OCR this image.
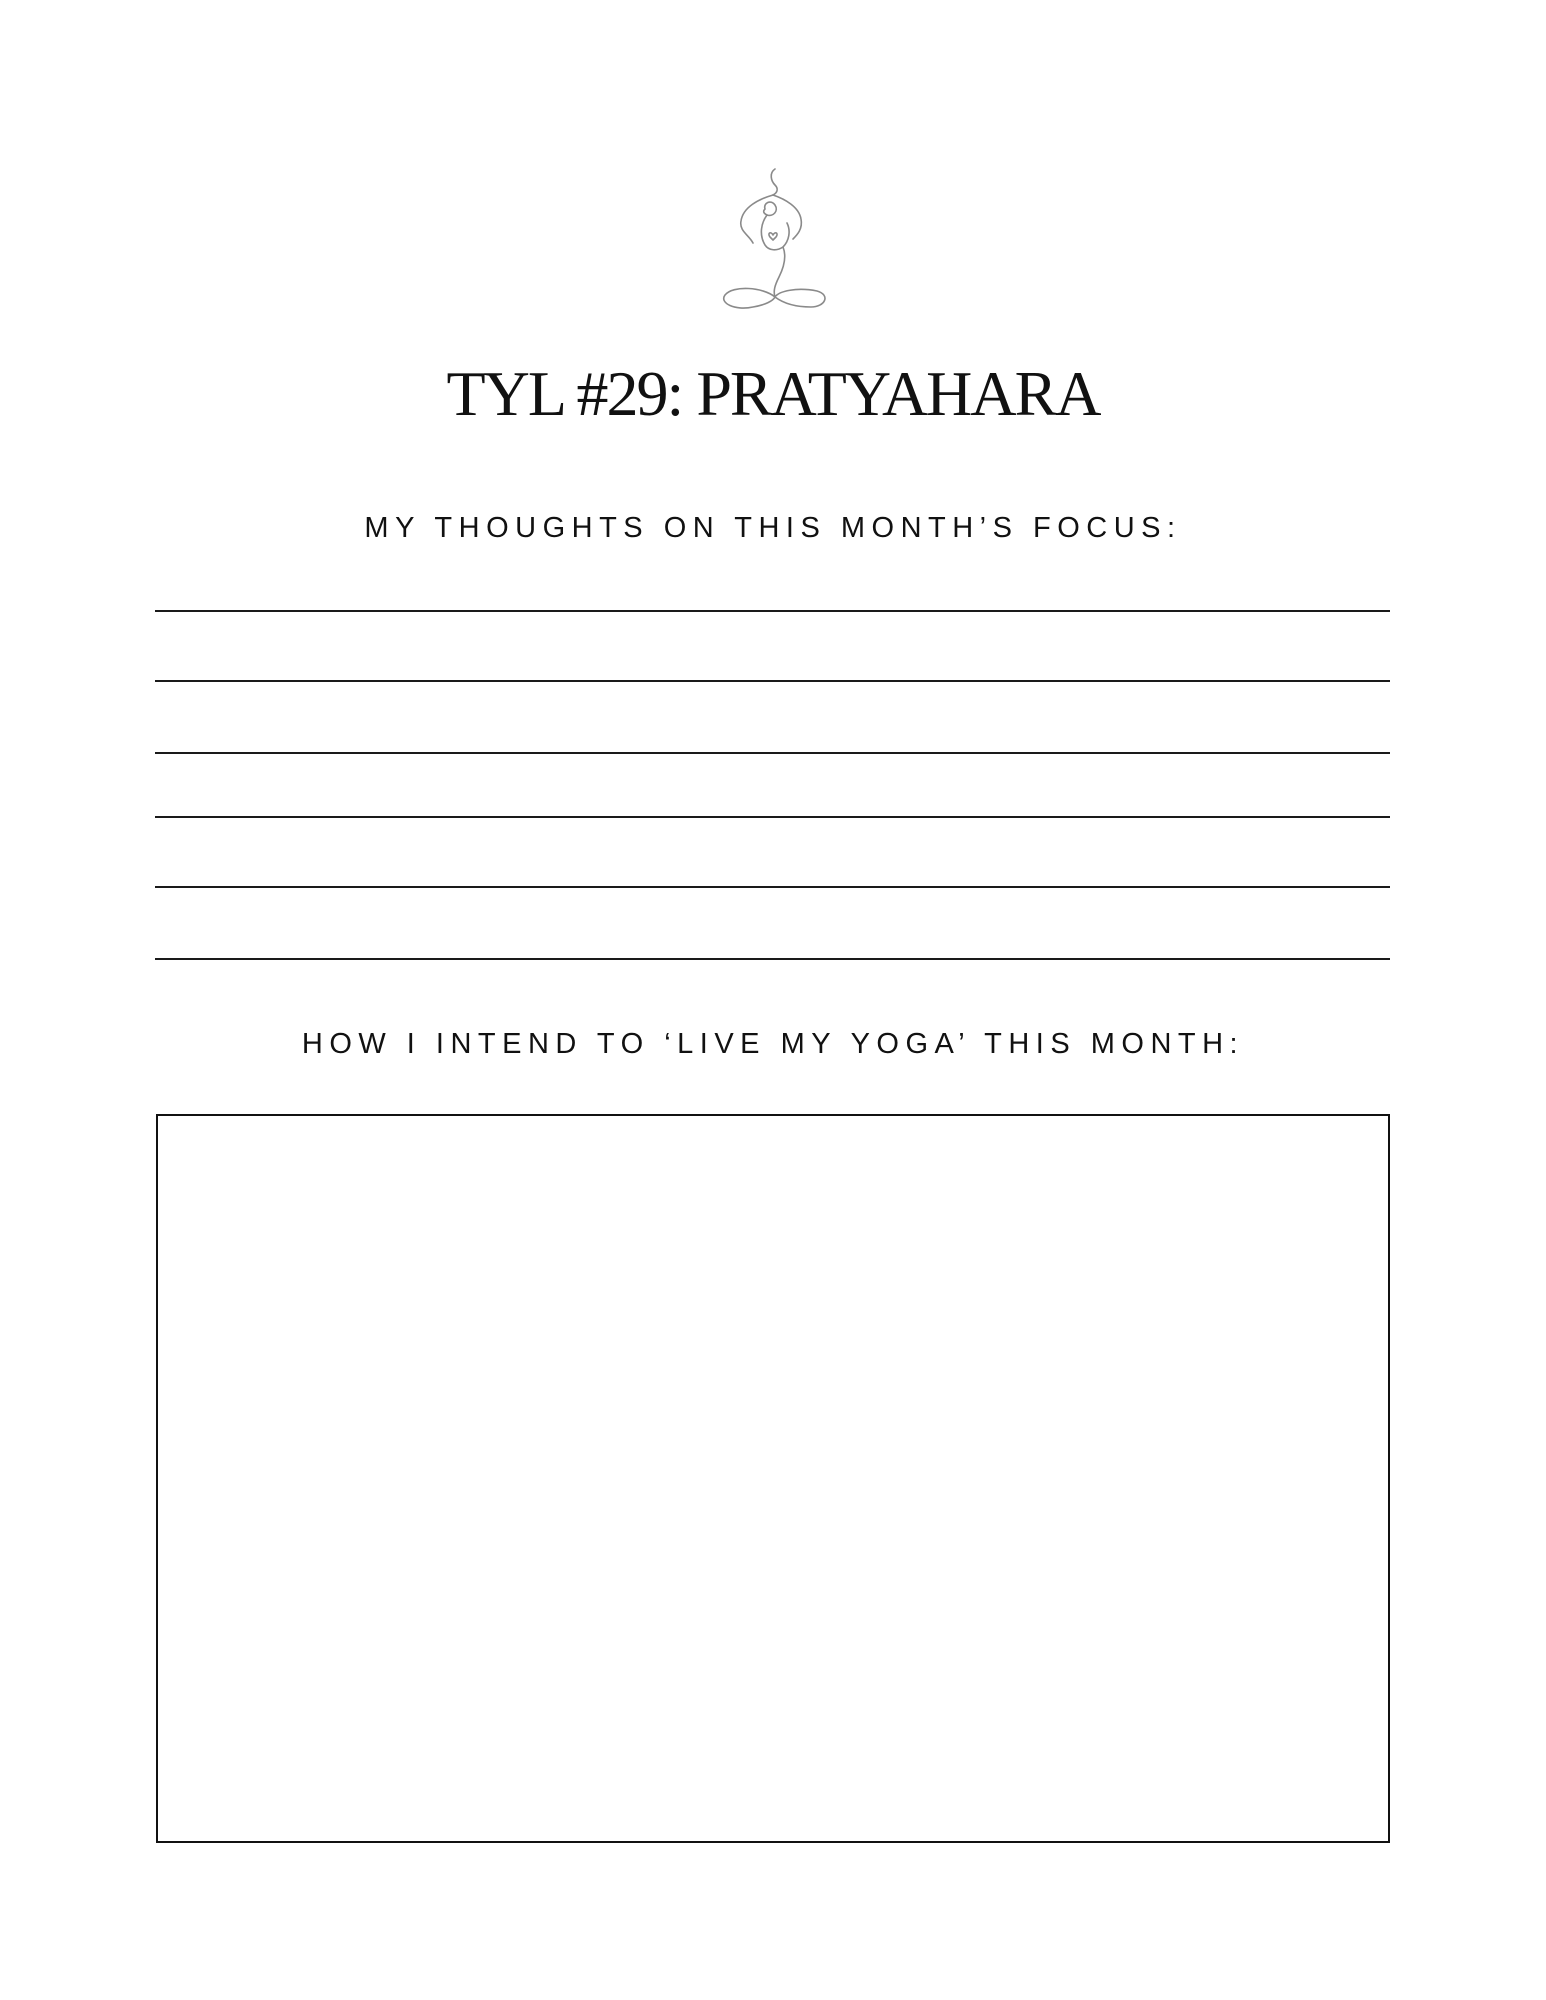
TYL #29: PRATYAHARA
MY THOUGHTS ON THIS MONTH’S FOCUS:
HOW I INTEND TO ‘LIVE MY YOGA’ THIS MONTH:
